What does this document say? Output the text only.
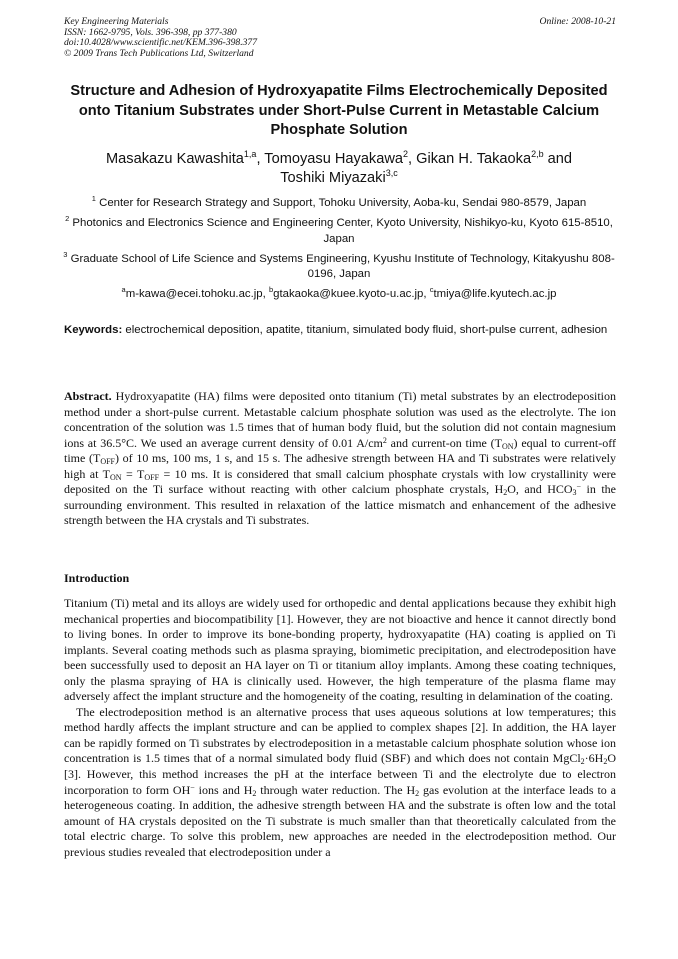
Key Engineering Materials
ISSN: 1662-9795, Vols. 396-398, pp 377-380
doi:10.4028/www.scientific.net/KEM.396-398.377
© 2009 Trans Tech Publications Ltd, Switzerland
Online: 2008-10-21
Structure and Adhesion of Hydroxyapatite Films Electrochemically Deposited onto Titanium Substrates under Short-Pulse Current in Metastable Calcium Phosphate Solution
Masakazu Kawashita$^{1,a}$, Tomoyasu Hayakawa$^2$, Gikan H. Takaoka$^{2,b}$ and
Toshiki Miyazaki$^{3,c}$
$^1$ Center for Research Strategy and Support, Tohoku University, Aoba-ku, Sendai 980-8579, Japan
$^2$ Photonics and Electronics Science and Engineering Center, Kyoto University, Nishikyo-ku, Kyoto 615-8510, Japan
$^3$ Graduate School of Life Science and Systems Engineering, Kyushu Institute of Technology, Kitakyushu 808-0196, Japan
$^a$m-kawa@ecei.tohoku.ac.jp, $^b$gtakaoka@kuee.kyoto-u.ac.jp, $^c$tmiya@life.kyutech.ac.jp
Keywords: electrochemical deposition, apatite, titanium, simulated body fluid, short-pulse current, adhesion
Abstract. Hydroxyapatite (HA) films were deposited onto titanium (Ti) metal substrates by an electrodeposition method under a short-pulse current. Metastable calcium phosphate solution was used as the electrolyte. The ion concentration of the solution was 1.5 times that of human body fluid, but the solution did not contain magnesium ions at 36.5°C. We used an average current density of 0.01 $A/cm^2$ and current-on time $(T_{ON})$ equal to current-off time $(T_{OFF})$ of 10 ms, 100 ms, 1 s, and 15 s. The adhesive strength between HA and Ti substrates were relatively high at $T_{ON} = T_{OFF} = 10$ ms. It is considered that small calcium phosphate crystals with low crystallinity were deposited on the Ti surface without reacting with other calcium phosphate crystals, $H_2O$, and $HCO_3^-$ in the surrounding environment. This resulted in relaxation of the lattice mismatch and enhancement of the adhesive strength between the HA crystals and Ti substrates.
Introduction

Titanium (Ti) metal and its alloys are widely used for orthopedic and dental applications because they exhibit high mechanical properties and biocompatibility [1]. However, they are not bioactive and hence it cannot directly bond to living bones. In order to improve its bone-bonding property, hydroxyapatite (HA) coating is applied on Ti implants. Several coating methods such as plasma spraying, biomimetic precipitation, and electrodeposition have been successfully used to deposit an HA layer on Ti or titanium alloy implants. Among these coating techniques, only the plasma spraying of HA is clinically used. However, the high temperature of the plasma flame may adversely affect the implant structure and the homogeneity of the coating, resulting in delamination of the coating.

The electrodeposition method is an alternative process that uses aqueous solutions at low temperatures; this method hardly affects the implant structure and can be applied to complex shapes [2]. In addition, the HA layer can be rapidly formed on Ti substrates by electrodeposition in a metastable calcium phosphate solution whose ion concentration is 1.5 times that of a normal simulated body fluid (SBF) and which does not contain $MgCl_2\cdot 6H_2O$ [3]. However, this method increases the pH at the interface between Ti and the electrolyte due to electron incorporation to form OH− ions and $H_2$ through water reduction. The $H_2$ gas evolution at the interface leads to a heterogeneous coating. In addition, the adhesive strength between HA and the substrate is often low and the total amount of HA crystals deposited on the Ti substrate is much smaller than that theoretically calculated from the total electric charge. To solve this problem, new approaches are needed in the electrodeposition method. Our previous studies revealed that electrodeposition under a
